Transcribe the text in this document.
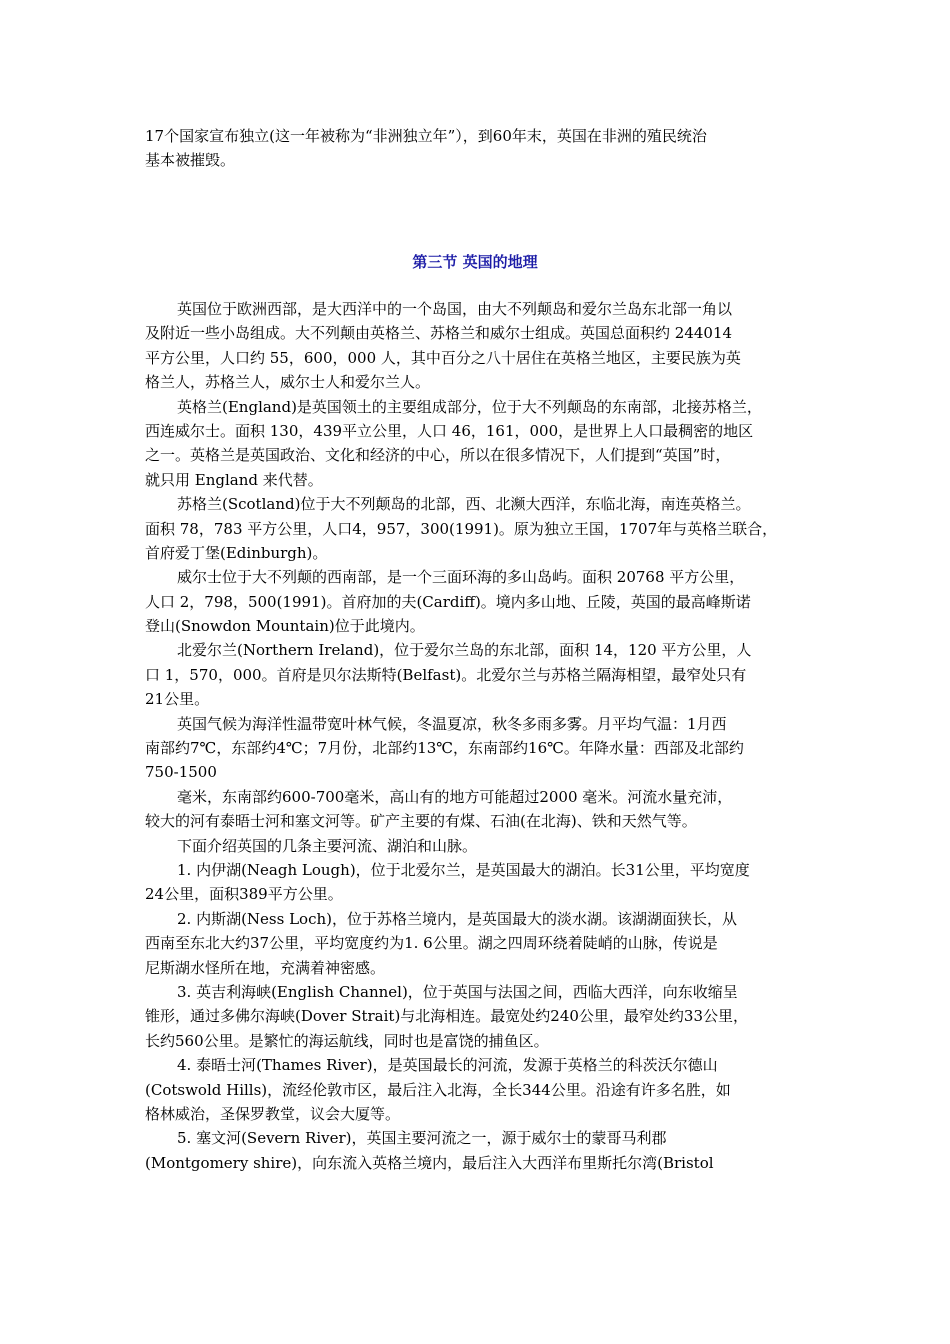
17个国家宣布独立(这一年被称为“非洲独立年”），到60年末，英国在非洲的殖民统治
基本被摧毁。
第三节 英国的地理
英国位于欧洲西部，是大西洋中的一个岛国，由大不列颠岛和爱尔兰岛东北部一角以
及附近一些小岛组成。大不列颠由英格兰、苏格兰和威尔士组成。英国总面积约 244014
平方公里，人口约 55，600，000 人，其中百分之八十居住在英格兰地区，主要民族为英
格兰人，苏格兰人，威尔士人和爱尔兰人。
英格兰(England)是英国领土的主要组成部分，位于大不列颠岛的东南部，北接苏格兰，
西连威尔士。面积 130，439平立公里，人口 46，161，000，是世界上人口最稠密的地区
之一。英格兰是英国政治、文化和经济的中心，所以在很多情况下，人们提到“英国”时，
就只用 England 来代替。
苏格兰(Scotland)位于大不列颠岛的北部，西、北濒大西洋，东临北海，南连英格兰。
面积 78，783 平方公里，人口4，957，300(1991)。原为独立王国，1707年与英格兰联合，
首府爱丁堡(Edinburgh)。
威尔士位于大不列颠的西南部，是一个三面环海的多山岛屿。面积 20768 平方公里，
人口 2，798，500(1991)。首府加的夫(Cardiff)。境内多山地、丘陵，英国的最高峰斯诺
登山(Snowdon Mountain)位于此境内。
北爱尔兰(Northern Ireland)，位于爱尔兰岛的东北部，面积 14，120 平方公里，人
口 1，570，000。首府是贝尔法斯特(Belfast)。北爱尔兰与苏格兰隔海相望，最窄处只有
21公里。
英国气候为海洋性温带宽叶林气候，冬温夏凉，秋冬多雨多雾。月平均气温：1月西
南部约7℃，东部约4℃；7月份，北部约13℃，东南部约16℃。年降水量：西部及北部约
750-1500
毫米，东南部约600-700毫米，高山有的地方可能超过2000 毫米。河流水量充沛，
较大的河有泰晤士河和塞文河等。矿产主要的有煤、石油(在北海)、铁和天然气等。
下面介绍英国的几条主要河流、湖泊和山脉。
1. 内伊湖(Neagh Lough)，位于北爱尔兰，是英国最大的湖泊。长31公里，平均宽度
24公里，面积389平方公里。
2. 内斯湖(Ness Loch)，位于苏格兰境内，是英国最大的淡水湖。该湖湖面狭长，从
西南至东北大约37公里，平均宽度约为1. 6公里。湖之四周环绕着陡峭的山脉，传说是
尼斯湖水怪所在地，充满着神密感。
3. 英吉利海峡(English Channel)，位于英国与法国之间，西临大西洋，向东收缩呈
锥形，通过多佛尔海峡(Dover Strait)与北海相连。最宽处约240公里，最窄处约33公里，
长约560公里。是繁忙的海运航线，同时也是富饶的捕鱼区。
4. 泰晤士河(Thames River)，是英国最长的河流，发源于英格兰的科茨沃尔德山
(Cotswold Hills)，流经伦敦市区，最后注入北海，全长344公里。沿途有许多名胜，如
格林威治，圣保罗教堂，议会大厦等。
5. 塞文河(Severn River)，英国主要河流之一，源于威尔士的蒙哥马利郡
(Montgomery shire)，向东流入英格兰境内，最后注入大西洋布里斯托尔湾(Bristol
